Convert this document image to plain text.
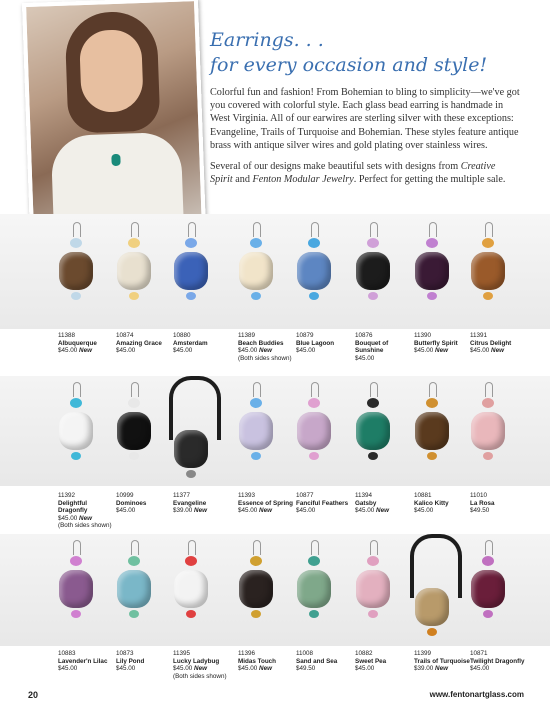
Earrings. . .
for every occasion and style!

Colorful fun and fashion! From Bohemian to bling to simplicity—we've got you covered with colorful style. Each glass bead earring is handmade in West Virginia. All of our earwires are sterling silver with these exceptions: Evangeline, Trails of Turquoise and Bohemian. These styles feature antique brass with antique silver wires and gold plating over stainless wires.

Several of our designs make beautiful sets with designs from Creative Spirit and Fenton Modular Jewelry. Perfect for getting the multiple sale.

11388
Albuquerque
$45.00 New
10874
Amazing Grace
$45.00
10880
Amsterdam
$45.00
11389
Beach Buddies
$45.00 New
(Both sides shown)
10879
Blue Lagoon
$45.00
10876
Bouquet of Sunshine
$45.00
11390
Butterfly Spirit
$45.00 New
11391
Citrus Delight
$45.00 New
11392
Delightful Dragonfly
$45.00 New
(Both sides shown)
10999
Dominoes
$45.00
11377
Evangeline
$39.00 New
11393
Essence of Spring
$45.00 New
10877
Fanciful Feathers
$45.00
11394
Gatsby
$45.00 New
10881
Kalico Kitty
$45.00
11010
La Rosa
$49.50
10883
Lavender'n Lilac
$45.00
10873
Lily Pond
$45.00
11395
Lucky Ladybug
$45.00 New
(Both sides shown)
11396
Midas Touch
$45.00 New
11008
Sand and Sea
$49.50
10882
Sweet Pea
$45.00
11399
Trails of Turquoise
$39.00 New
10871
Twilight Dragonfly
$45.00
20	www.fentonartglass.com
